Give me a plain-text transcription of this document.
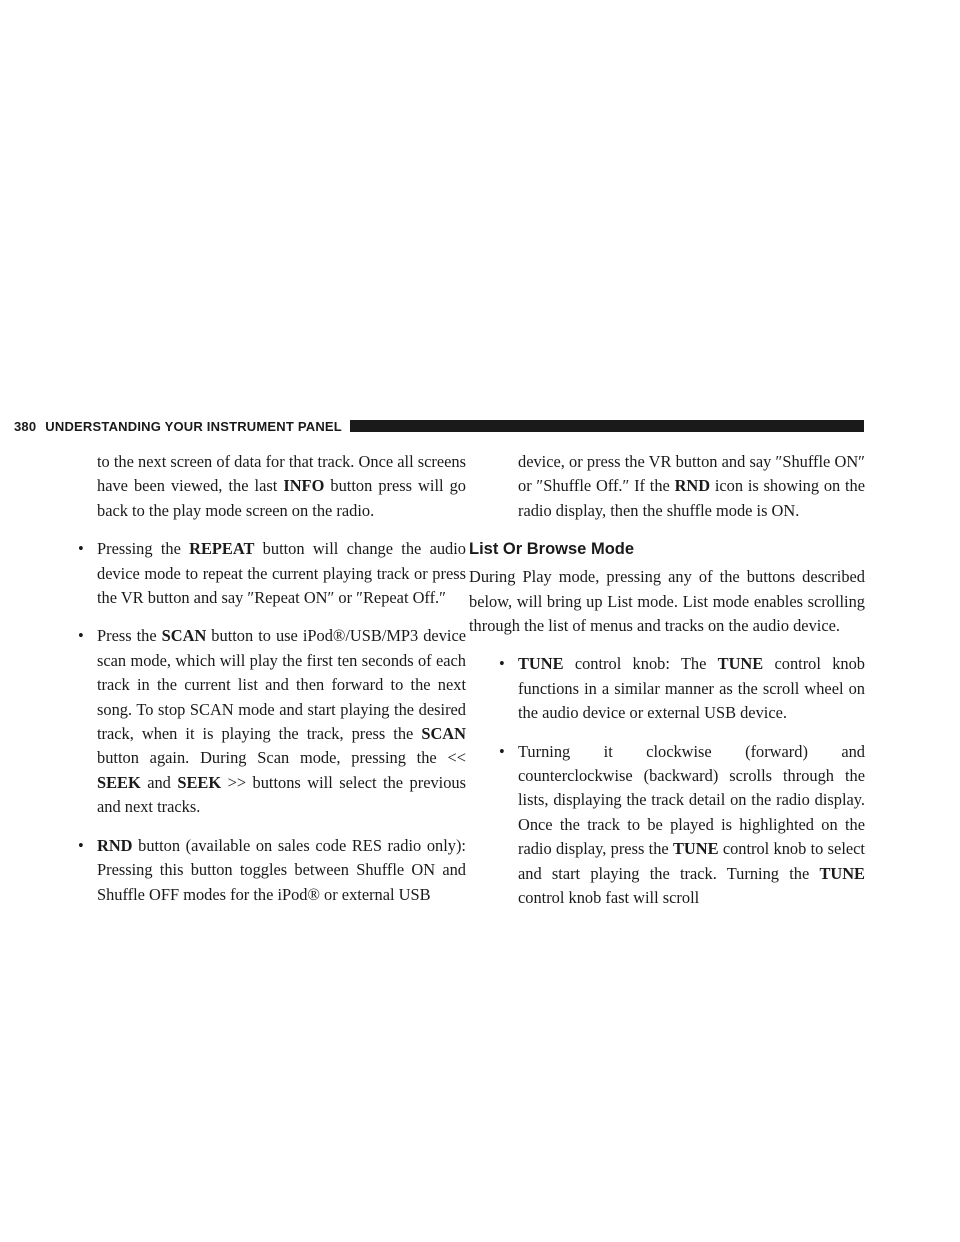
380 UNDERSTANDING YOUR INSTRUMENT PANEL

to the next screen of data for that track. Once all screens have been viewed, the last INFO button press will go back to the play mode screen on the radio.

• Pressing the REPEAT button will change the audio device mode to repeat the current playing track or press the VR button and say ″Repeat ON″ or ″Repeat Off.″

• Press the SCAN button to use iPod®/USB/MP3 device scan mode, which will play the first ten seconds of each track in the current list and then forward to the next song. To stop SCAN mode and start playing the desired track, when it is playing the track, press the SCAN button again. During Scan mode, pressing the << SEEK and SEEK >> buttons will select the previous and next tracks.

• RND button (available on sales code RES radio only): Pressing this button toggles between Shuffle ON and Shuffle OFF modes for the iPod® or external USB

device, or press the VR button and say ″Shuffle ON″ or ″Shuffle Off.″ If the RND icon is showing on the radio display, then the shuffle mode is ON.

List Or Browse Mode

During Play mode, pressing any of the buttons described below, will bring up List mode. List mode enables scrolling through the list of menus and tracks on the audio device.

• TUNE control knob: The TUNE control knob functions in a similar manner as the scroll wheel on the audio device or external USB device.

• Turning it clockwise (forward) and counterclockwise (backward) scrolls through the lists, displaying the track detail on the radio display. Once the track to be played is highlighted on the radio display, press the TUNE control knob to select and start playing the track. Turning the TUNE control knob fast will scroll
